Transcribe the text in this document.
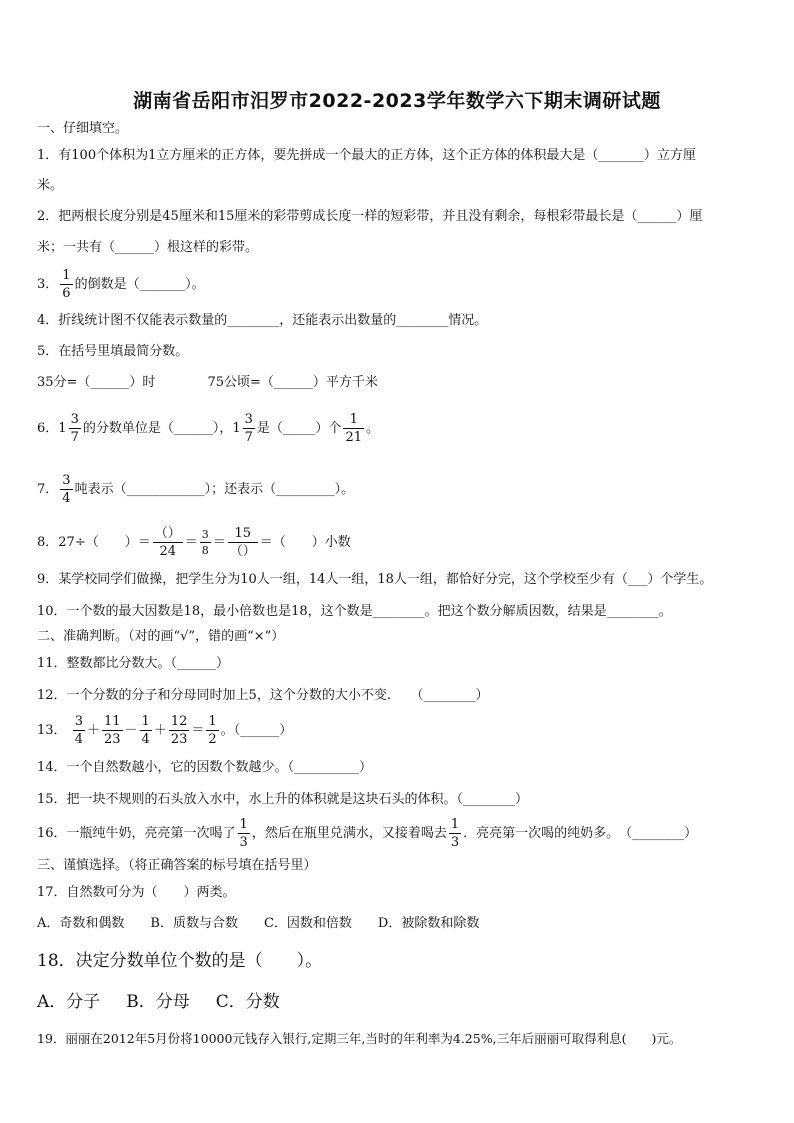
湖南省岳阳市汨罗市2022-2023学年数学六下期末调研试题
一、仔细填空。
1．有100个体积为1立方厘米的正方体，要先拼成一个最大的正方体，这个正方体的体积最大是（_______）立方厘
米。
2．把两根长度分别是45厘米和15厘米的彩带剪成长度一样的短彩带，并且没有剩余，每根彩带最长是（______）厘
米；一共有（______）根这样的彩带。
3． $\frac{1}{6}$ 的倒数是（_______）。
4．折线统计图不仅能表示数量的________，还能表示出数量的________情况。
5．在括号里填最简分数。
35分=（______）时	75公顷=（______）平方千米
6．$1 \frac{3}{7}$ 的分数单位是（______），$1 \frac{3}{7}$ 是（_____）个 $\frac{1}{21}$ 。
7． $\frac{3}{4}$ 吨表示（____________）；还表示（_________）。
8．27÷（　　）＝ $\frac{()}{24} = \frac{3}{8} = \frac{15}{()}$ ＝（　　）小数
9．某学校同学们做操，把学生分为10人一组，14人一组，18人一组，都恰好分完，这个学校至少有（___）个学生。
10．一个数的最大因数是18，最小倍数也是18，这个数是________。把这个数分解质因数，结果是________。
二、准确判断。（对的画“√”，错的画“×”）
11．整数都比分数大。（______）
12．一个分数的分子和分母同时加上5，这个分数的大小不变.　　（________）
13． $\frac{3}{4} + \frac{11}{23} - \frac{1}{4} + \frac{12}{23} = \frac{1}{2}$ 。（______）
14．一个自然数越小，它的因数个数越少。（__________）
15．把一块不规则的石头放入水中，水上升的体积就是这块石头的体积。（________）
16．一瓶纯牛奶，亮亮第一次喝了 $\frac{1}{3}$ ，然后在瓶里兑满水，又接着喝去 $\frac{1}{3}$ ．亮亮第一次喝的纯奶多。　（________）
三、谨慎选择。（将正确答案的标号填在括号里）
17．自然数可分为（　　）两类。
A．奇数和偶数 B．质数与合数 C．因数和倍数 D．被除数和除数
18．决定分数单位个数的是（　　）。
A．分子 B．分母 C．分数
19．丽丽在2012年5月份将10000元钱存入银行,定期三年,当时的年利率为4.25%,三年后丽丽可取得利息(　　)元。
